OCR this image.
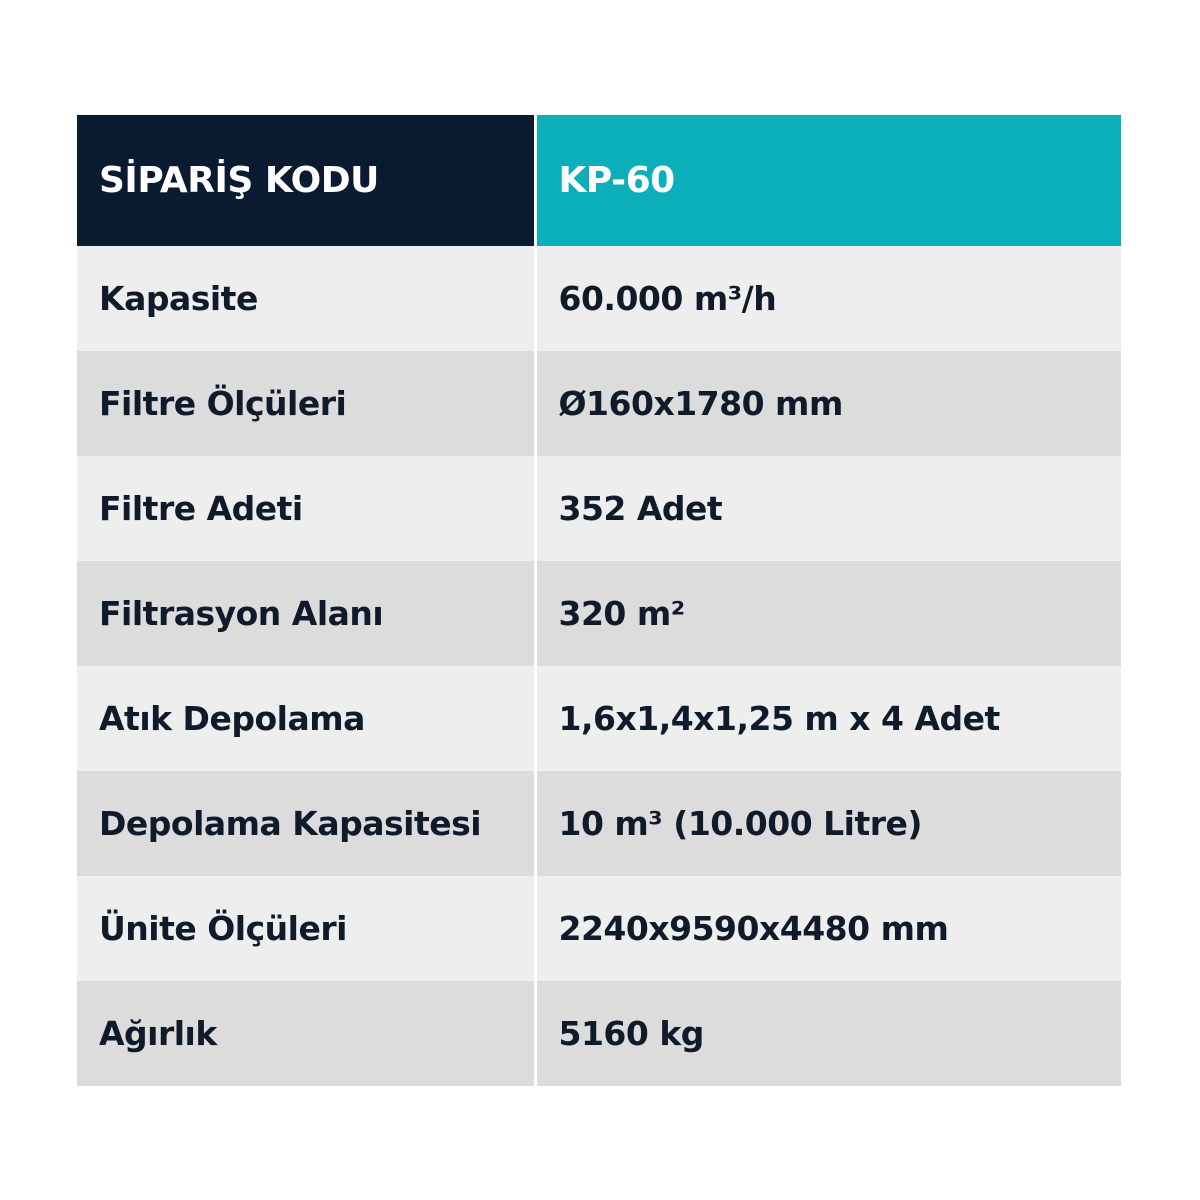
SİPARİŞ KODU	KP-60
Kapasite	60.000 m³/h
Filtre Ölçüleri	Ø160x1780 mm
Filtre Adeti	352 Adet
Filtrasyon Alanı	320 m²
Atık Depolama	1,6x1,4x1,25 m x 4 Adet
Depolama Kapasitesi	10 m³ (10.000 Litre)
Ünite Ölçüleri	2240x9590x4480 mm
Ağırlık	5160 kg
